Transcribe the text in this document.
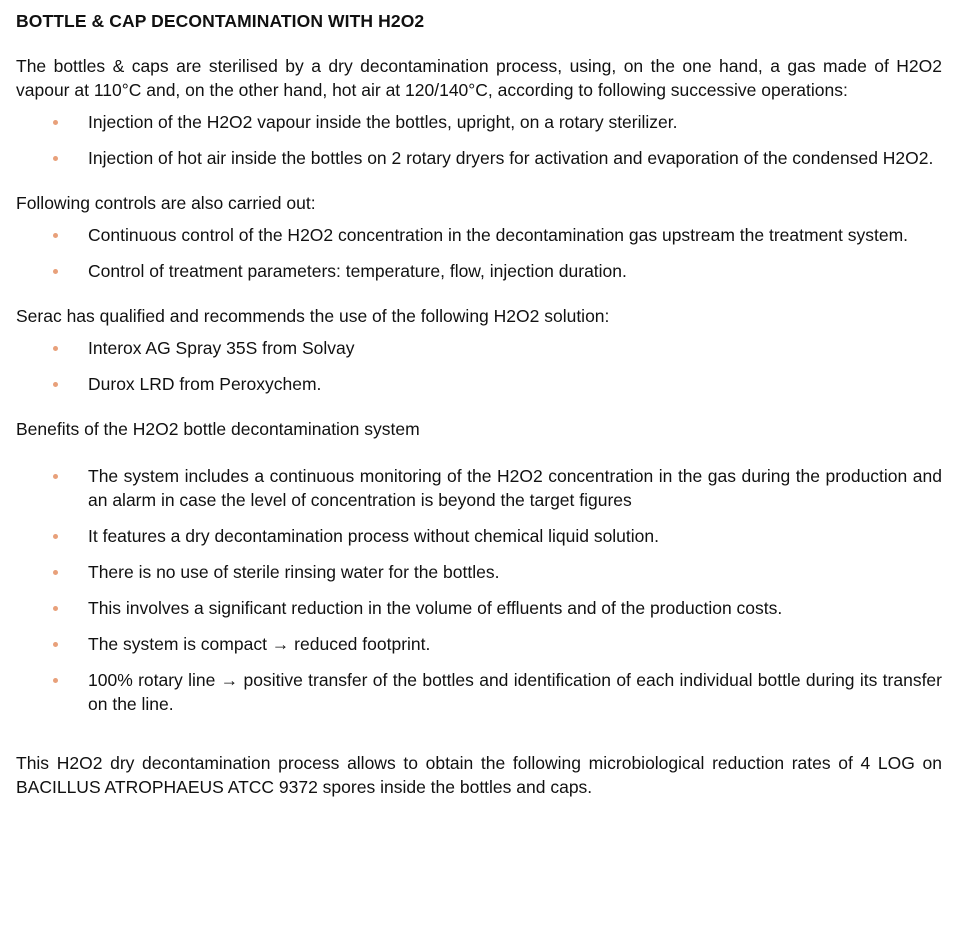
BOTTLE & CAP DECONTAMINATION WITH H2O2

The bottles & caps are sterilised by a dry decontamination process, using, on the one hand, a gas made of H2O2 vapour at 110°C and, on the other hand, hot air at 120/140°C, according to following successive operations:

Injection of the H2O2 vapour inside the bottles, upright, on a rotary sterilizer.
Injection of hot air inside the bottles on 2 rotary dryers for activation and evaporation of the condensed H2O2.

Following controls are also carried out:

Continuous control of the H2O2 concentration in the decontamination gas upstream the treatment system.
Control of treatment parameters: temperature, flow, injection duration.

Serac has qualified and recommends the use of the following H2O2 solution:

Interox AG Spray 35S from Solvay
Durox LRD from Peroxychem.

Benefits of the H2O2 bottle decontamination system

The system includes a continuous monitoring of the H2O2 concentration in the gas during the production and an alarm in case the level of concentration is beyond the target figures
It features a dry decontamination process without chemical liquid solution.
There is no use of sterile rinsing water for the bottles.
This involves a significant reduction in the volume of effluents and of the production costs.
The system is compact → reduced footprint.
100% rotary line → positive transfer of the bottles and identification of each individual bottle during its transfer on the line.

This H2O2 dry decontamination process allows to obtain the following microbiological reduction rates of 4 LOG on BACILLUS ATROPHAEUS ATCC 9372 spores inside the bottles and caps.
